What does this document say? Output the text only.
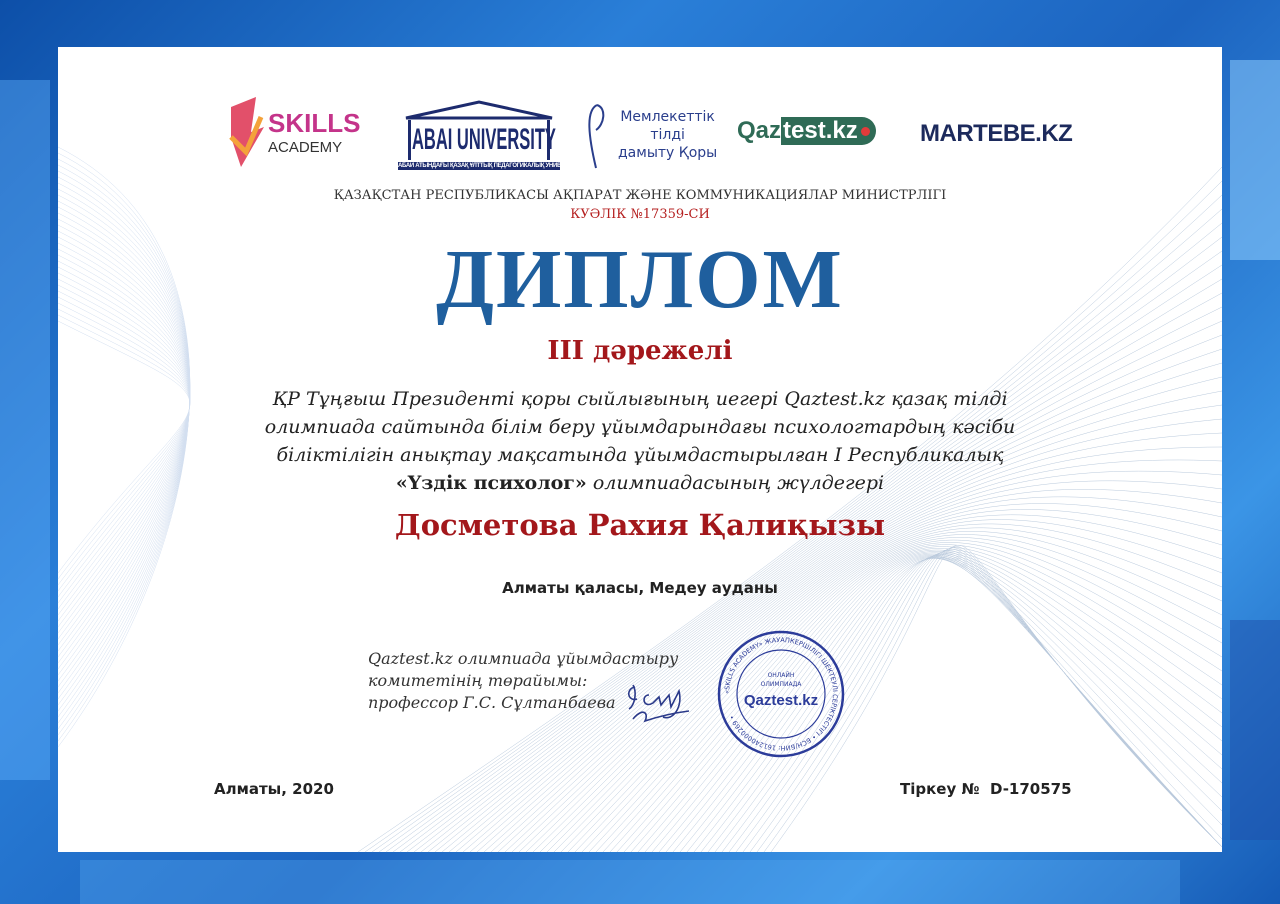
SKILLS
ACADEMY	ABAI UNIVERSITY
АБАЙ АТЫНДАҒЫ ҚАЗАҚ ҰЛТТЫҚ ПЕДАГОГИКАЛЫҚ УНИВЕРСИТЕТІ
Мемлекеттік
тілді
дамыту Қоры
Qaz test.kz	MARTEBE.KZ
ҚАЗАҚСТАН РЕСПУБЛИКАСЫ АҚПАРАТ ЖӘНЕ КОММУНИКАЦИЯЛАР МИНИСТРЛІГІ
КУӘЛІК №17359-СИ
ДИПЛОМ
III дәрежелі
ҚР Тұңғыш Президенті қоры сыйлығының иегері Qaztest.kz қазақ тілді
олимпиада сайтында білім беру ұйымдарындағы психологтардың кәсіби
біліктілігін анықтау мақсатында ұйымдастырылған I Республикалық
«Үздік психолог» олимпиадасының жүлдегері
Досметова Рахия Қалиқызы
Алматы қаласы, Медеу ауданы
Qaztest.kz олимпиада ұйымдастыру
комитетінің төрайымы:
профессор Г.С. Сұлтанбаева
«SKILLS ACADEMY» ЖАУАПКЕРШІЛІГІ ШЕКТЕУЛІ СЕРІКТЕСТІГІ • БСН/БИН: 161240000269 •
ОНЛАЙН
ОЛИМПИАДА
Qaztest.kz
Алматы, 2020	Тіркеу № D-170575
